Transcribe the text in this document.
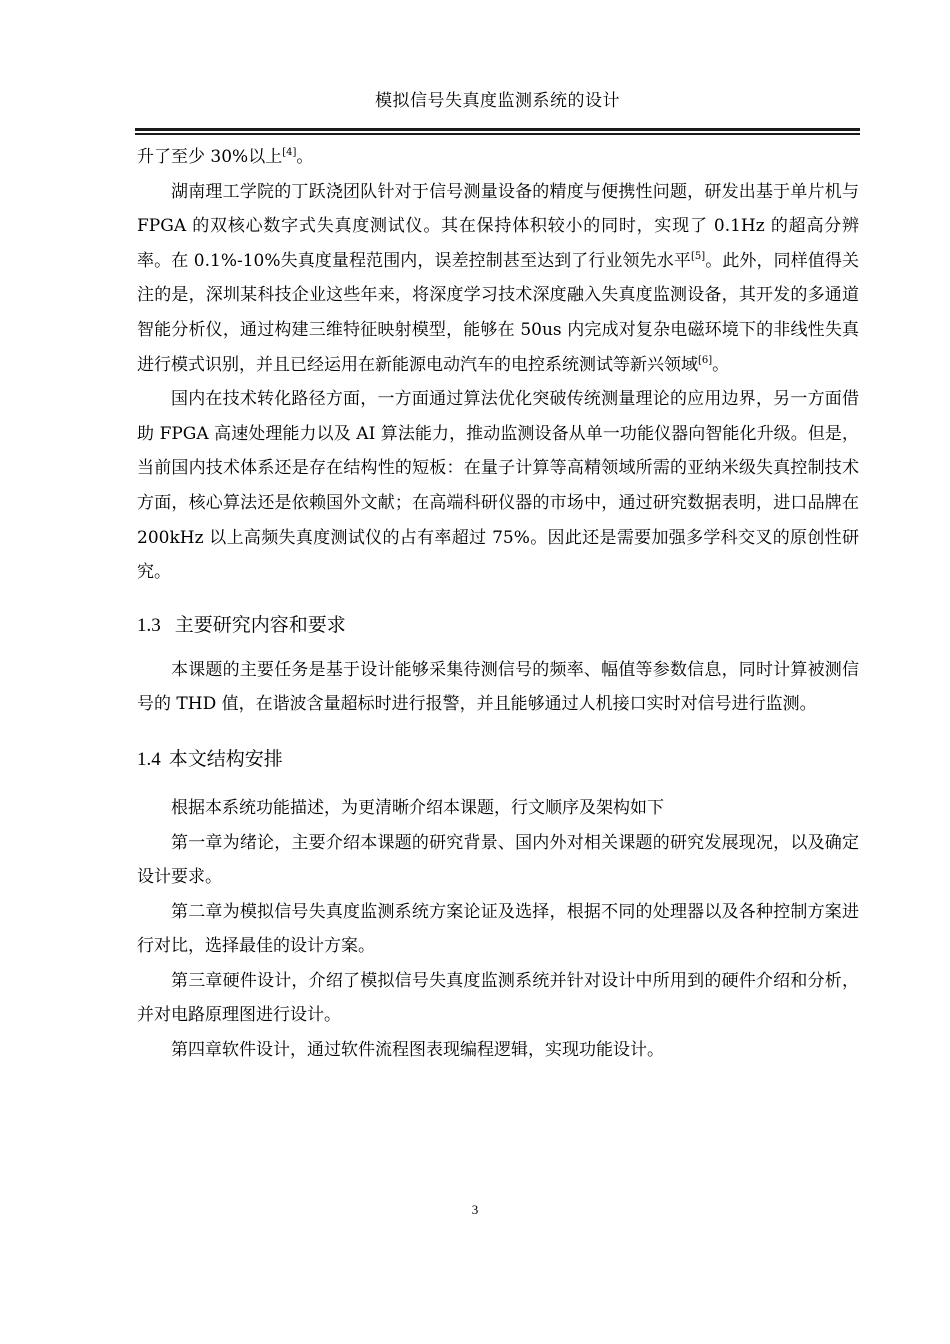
模拟信号失真度监测系统的设计

升了至少 30%以上[4]。

湖南理工学院的丁跃浇团队针对于信号测量设备的精度与便携性问题，研发出基于单片机与 FPGA 的双核心数字式失真度测试仪。其在保持体积较小的同时，实现了 0.1Hz 的超高分辨率。在 0.1%-10%失真度量程范围内，误差控制甚至达到了行业领先水平[5]。此外，同样值得关注的是，深圳某科技企业这些年来，将深度学习技术深度融入失真度监测设备，其开发的多通道智能分析仪，通过构建三维特征映射模型，能够在 50us 内完成对复杂电磁环境下的非线性失真进行模式识别，并且已经运用在新能源电动汽车的电控系统测试等新兴领域[6]。

国内在技术转化路径方面，一方面通过算法优化突破传统测量理论的应用边界，另一方面借助 FPGA 高速处理能力以及 AI 算法能力，推动监测设备从单一功能仪器向智能化升级。但是，当前国内技术体系还是存在结构性的短板：在量子计算等高精领域所需的亚纳米级失真控制技术方面，核心算法还是依赖国外文献；在高端科研仪器的市场中，通过研究数据表明，进口品牌在 200kHz 以上高频失真度测试仪的占有率超过 75%。因此还是需要加强多学科交叉的原创性研究。

1.3 主要研究内容和要求

本课题的主要任务是基于设计能够采集待测信号的频率、幅值等参数信息，同时计算被测信号的 THD 值，在谐波含量超标时进行报警，并且能够通过人机接口实时对信号进行监测。

1.4 本文结构安排

根据本系统功能描述，为更清晰介绍本课题，行文顺序及架构如下

第一章为绪论，主要介绍本课题的研究背景、国内外对相关课题的研究发展现况，以及确定设计要求。

第二章为模拟信号失真度监测系统方案论证及选择，根据不同的处理器以及各种控制方案进行对比，选择最佳的设计方案。

第三章硬件设计，介绍了模拟信号失真度监测系统并针对设计中所用到的硬件介绍和分析，并对电路原理图进行设计。

第四章软件设计，通过软件流程图表现编程逻辑，实现功能设计。

3
